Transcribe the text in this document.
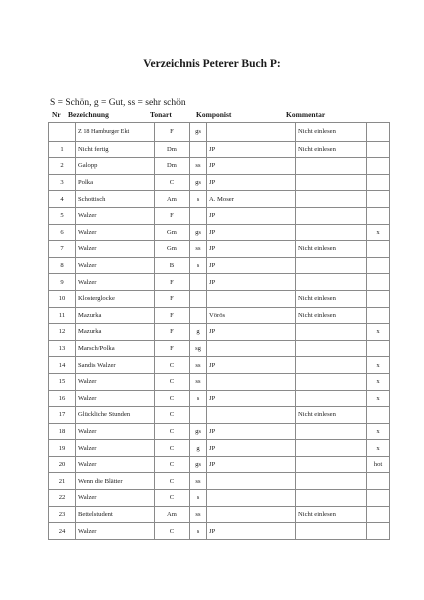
Verzeichnis Peterer Buch P:
S = Schön, g = Gut, ss = sehr schön
Nr Bezeichnung	Tonart	Komponist	Kommentar
	Z 18 Hamburger Ekt	F	gs		Nicht einlesen	
1	Nicht fertig	Dm		JP	Nicht einlesen	
2	Galopp	Dm	ss	JP		
3	Polka	C	gs	JP		
4	Schottisch	Am	s	A. Moser		
5	Walzer	F		JP		
6	Walzer	Gm	gs	JP		x
7	Walzer	Gm	ss	JP	Nicht einlesen	
8	Walzer	B	s	JP		
9	Walzer	F		JP		
10	Klosterglocke	F			Nicht einlesen	
11	Mazurka	F		Vörös	Nicht einlesen	
12	Mazurka	F	g	JP		x
13	Marsch/Polka	F	sg			
14	Sandis Walzer	C	ss	JP		x
15	Walzer	C	ss			x
16	Walzer	C	s	JP		x
17	Glückliche Stunden	C			Nicht einlesen	
18	Walzer	C	gs	JP		x
19	Walzer	C	g	JP		x
20	Walzer	C	gs	JP		hot
21	Wenn die Blätter	C	ss			
22	Walzer	C	s			
23	Bettelstudent	Am	ss		Nicht einlesen	
24	Walzer	C	s	JP		
